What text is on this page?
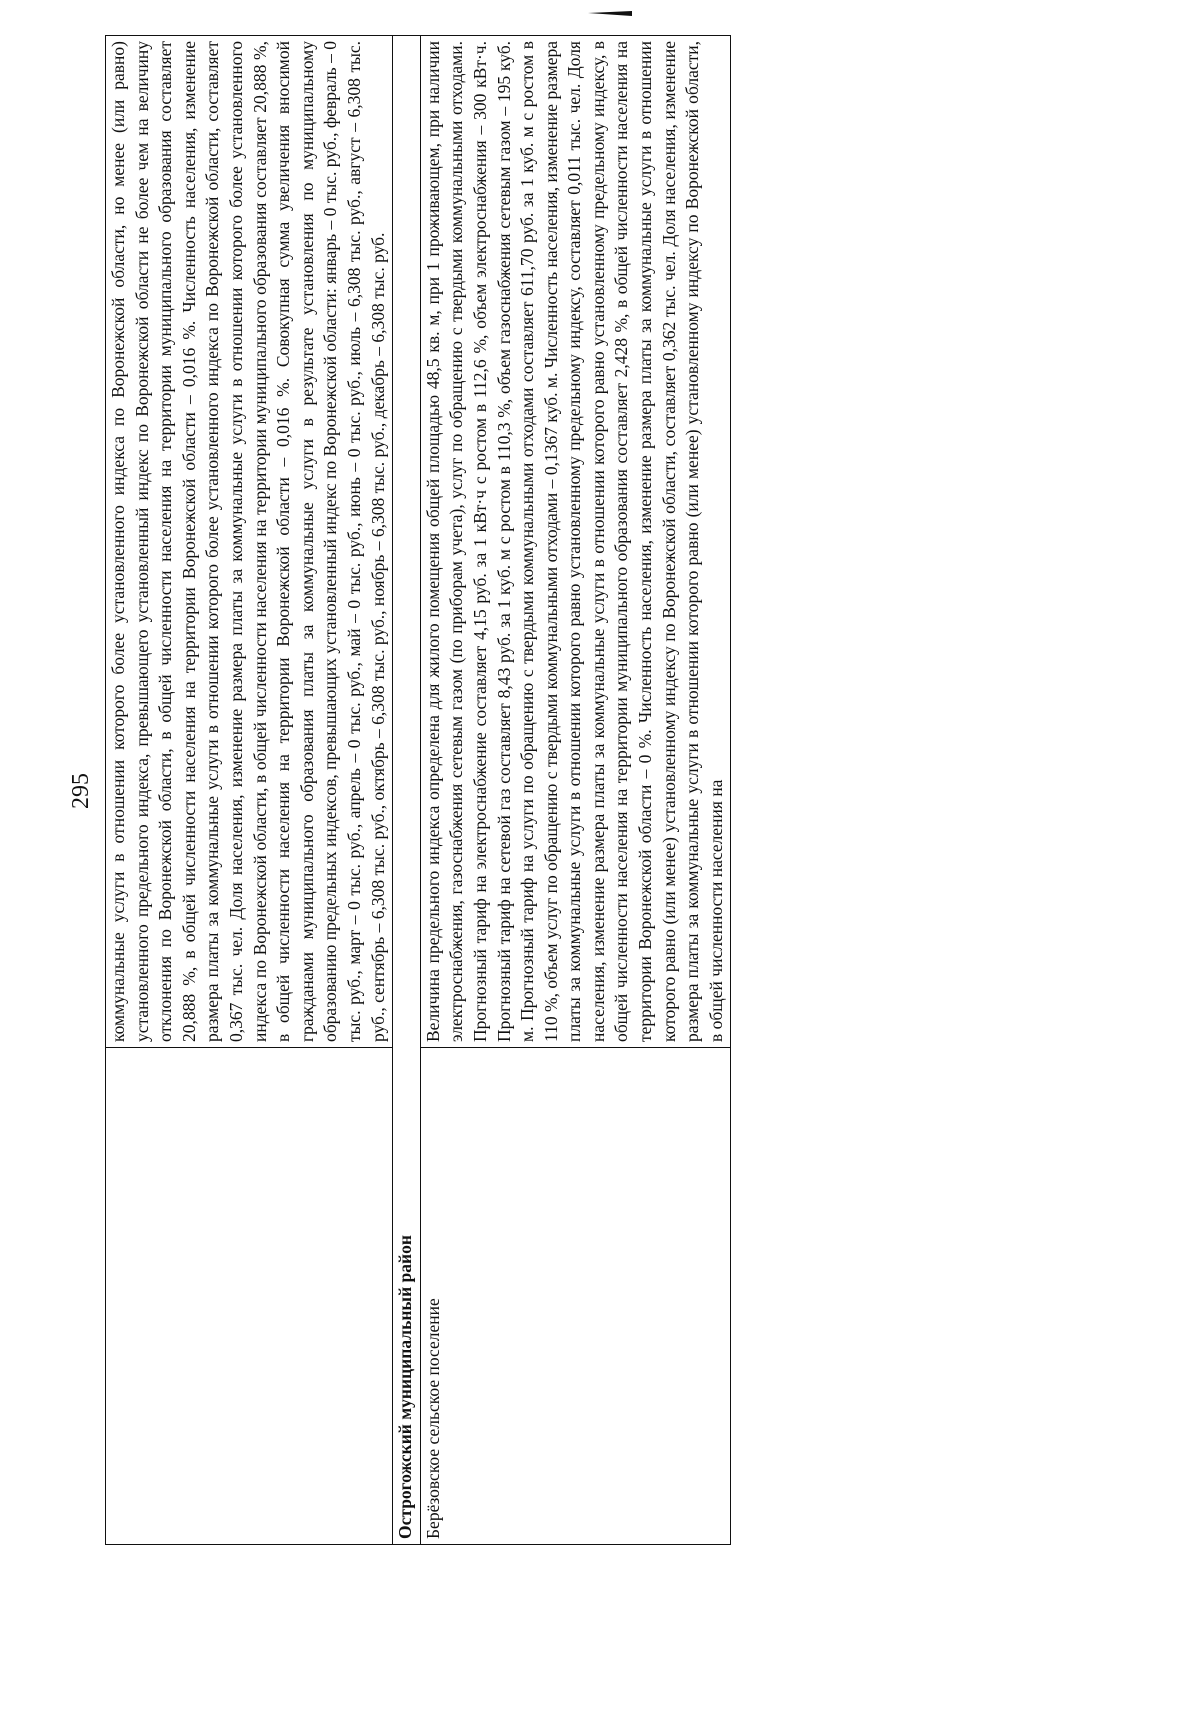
295
	коммунальные услуги в отношении которого более установленного индекса по Воронежской области, но менее (или равно) установленного предельного индекса, превышающего установленный индекс по Воронежской области не более чем на величину отклонения по Воронежской области, в общей численности населения на территории муниципального образования составляет 20,888 %, в общей численности населения на территории Воронежской области – 0,016 %. Численность населения, изменение размера платы за коммунальные услуги в отношении которого более установленного индекса по Воронежской области, составляет 0,367 тыс. чел. Доля населения, изменение размера платы за коммунальные услуги в отношении которого более установленного индекса по Воронежской области, в общей численности населения на территории муниципального образования составляет 20,888 %, в общей численности населения на территории Воронежской области – 0,016 %. Совокупная сумма увеличения вносимой гражданами муниципального образования платы за коммунальные услуги в результате установления по муниципальному образованию предельных индексов, превышающих установленный индекс по Воронежской области: январь – 0 тыс. руб., февраль – 0 тыс. руб., март – 0 тыс. руб., апрель – 0 тыс. руб., май – 0 тыс. руб., июнь – 0 тыс. руб., июль – 6,308 тыс. руб., август – 6,308 тыс. руб., сентябрь – 6,308 тыс. руб., октябрь – 6,308 тыс. руб., ноябрь – 6,308 тыс. руб., декабрь – 6,308 тыс. руб.
Острогожский муниципальный район	
Берёзовское сельское поселение	Величина предельного индекса определена для жилого помещения общей площадью 48,5 кв. м, при 1 проживающем, при наличии электроснабжения, газоснабжения сетевым газом (по приборам учета), услуг по обращению с твердыми коммунальными отходами. Прогнозный тариф на электроснабжение составляет 4,15 руб. за 1 кВт·ч с ростом в 112,6 %, объем электроснабжения – 300 кВт·ч. Прогнозный тариф на сетевой газ составляет 8,43 руб. за 1 куб. м с ростом в 110,3 %, объем газоснабжения сетевым газом – 195 куб. м. Прогнозный тариф на услуги по обращению с твердыми коммунальными отходами составляет 611,70 руб. за 1 куб. м с ростом в 110 %, объем услуг по обращению с твердыми коммунальными отходами – 0,1367 куб. м. Численность населения, изменение размера платы за коммунальные услуги в отношении которого равно установленному предельному индексу, составляет 0,011 тыс. чел. Доля населения, изменение размера платы за коммунальные услуги в отношении которого равно установленному предельному индексу, в общей численности населения на территории муниципального образования составляет 2,428 %, в общей численности населения на территории Воронежской области – 0 %. Численность населения, изменение размера платы за коммунальные услуги в отношении которого равно (или менее) установленному индексу по Воронежской области, составляет 0,362 тыс. чел. Доля населения, изменение размера платы за коммунальные услуги в отношении которого равно (или менее) установленному индексу по Воронежской области, в общей численности населения на
